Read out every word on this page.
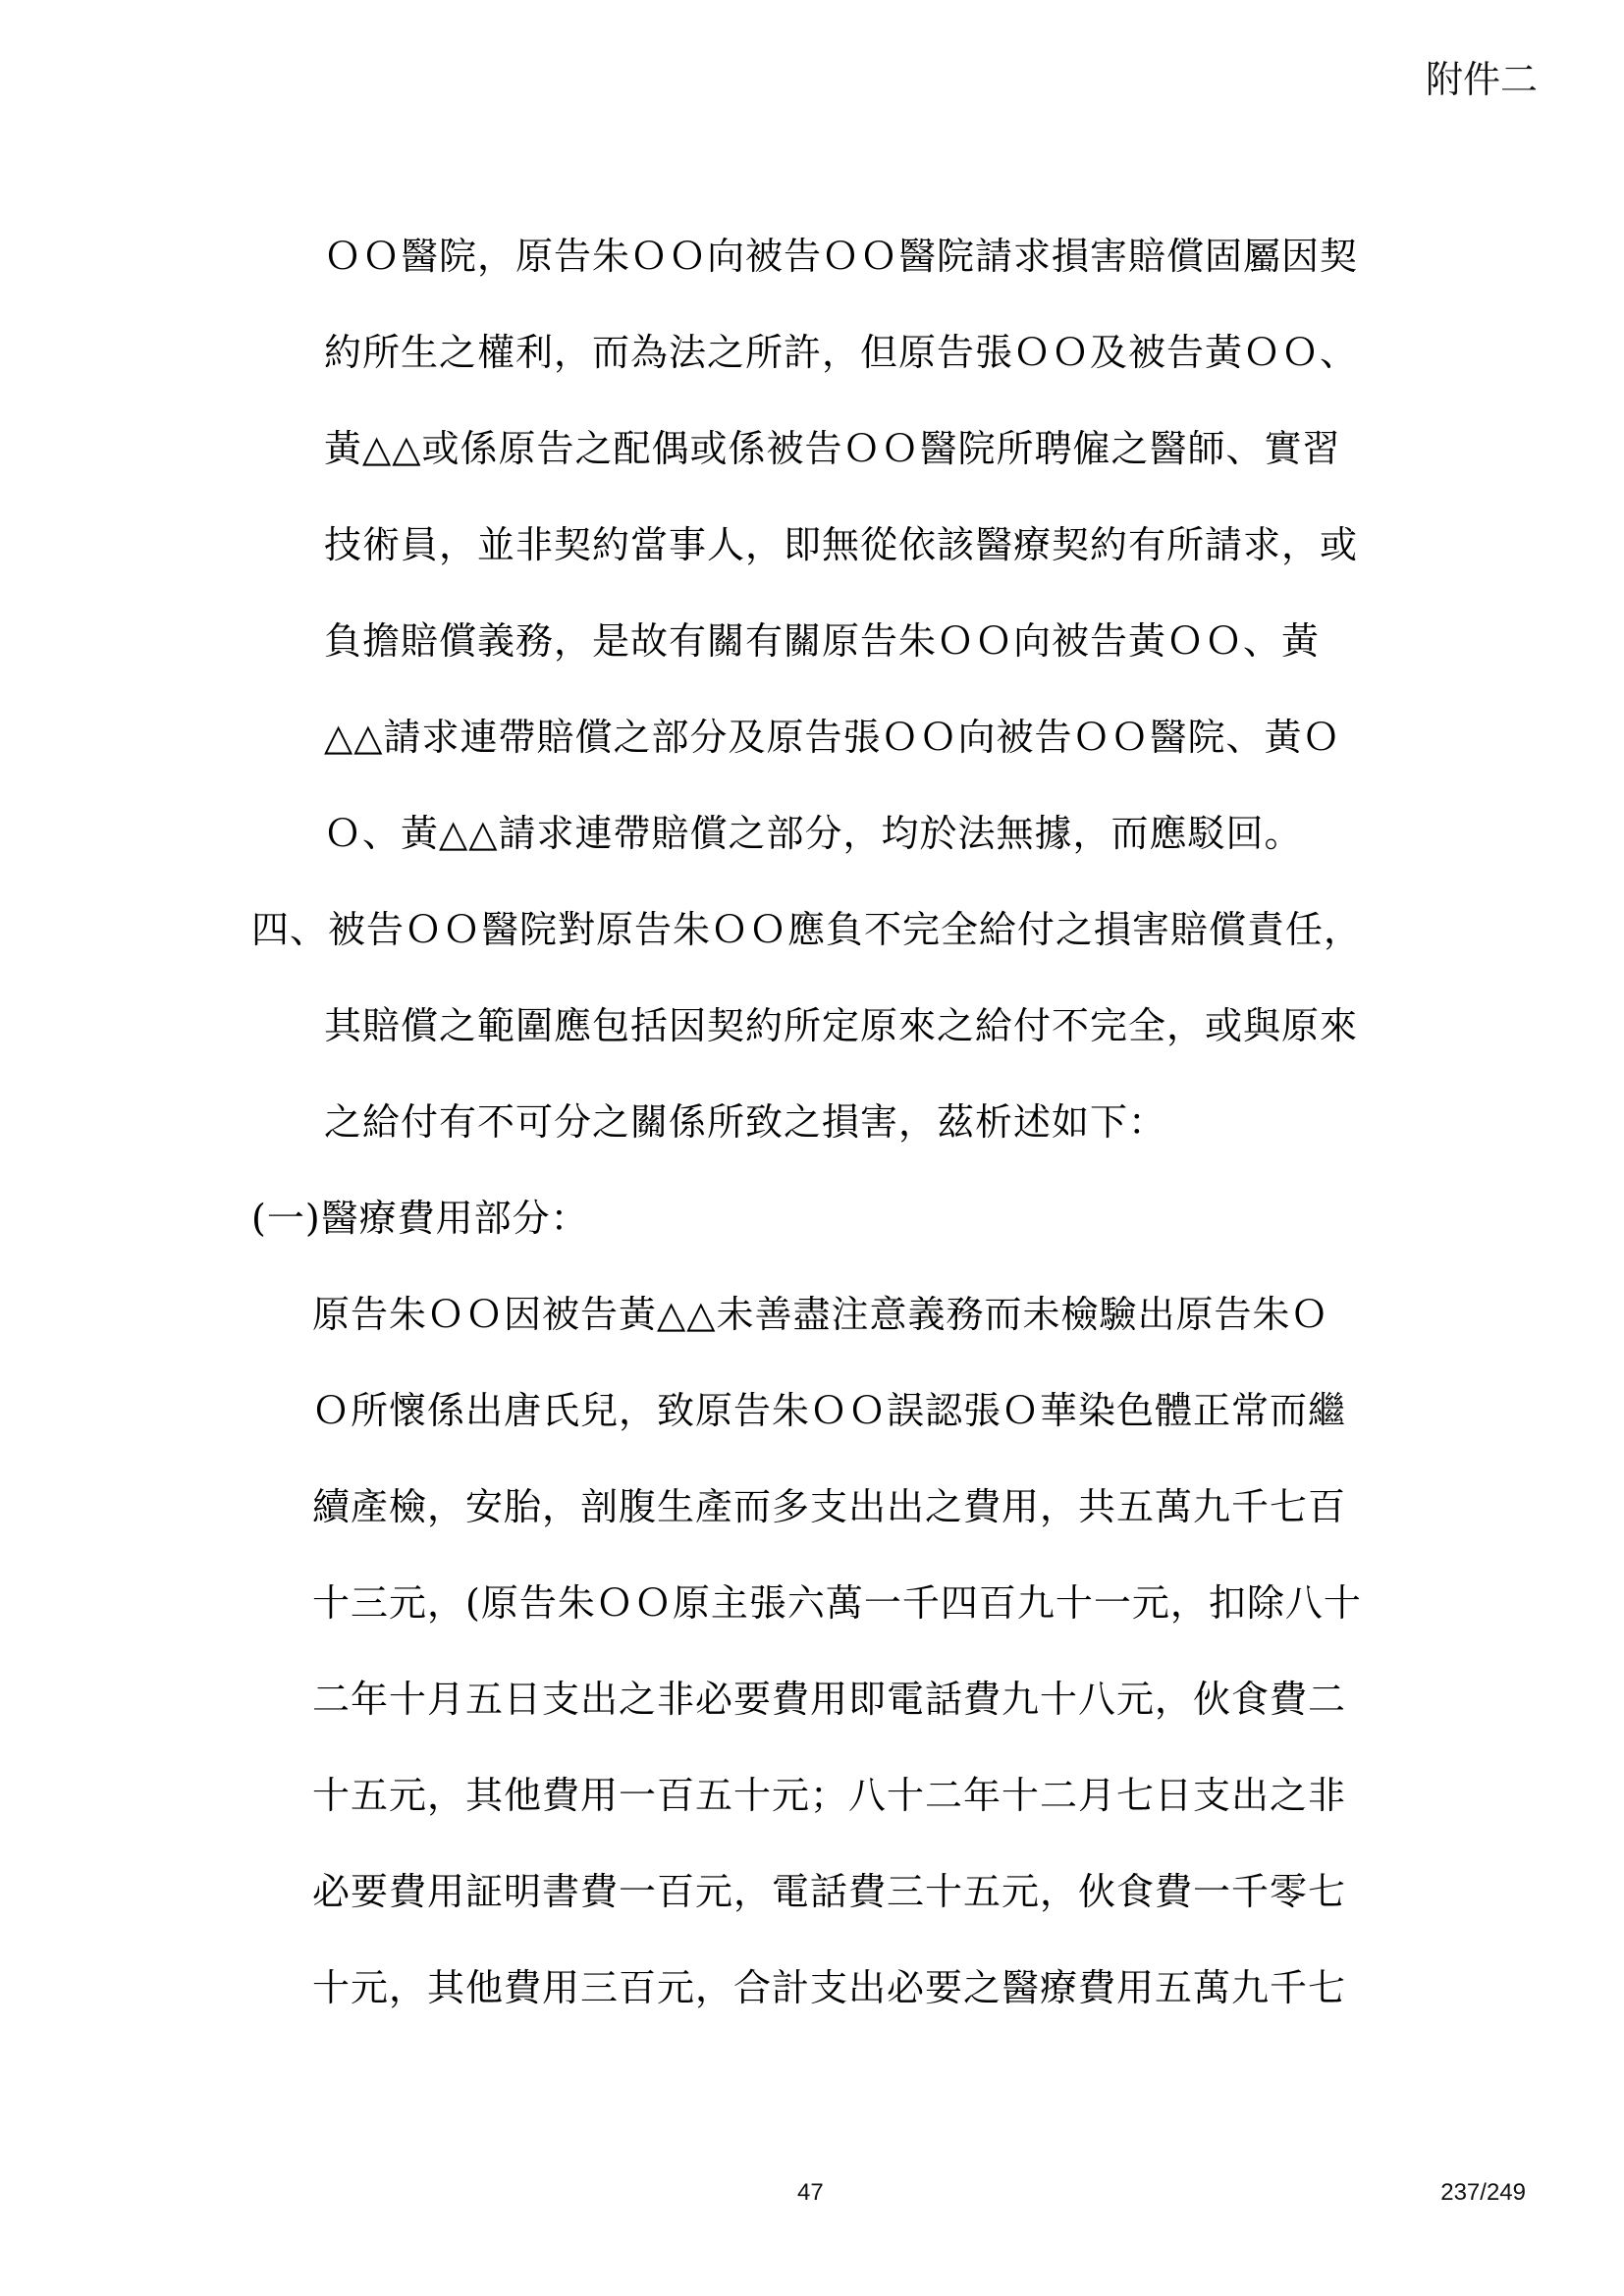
附件二
ＯＯ醫院，原告朱ＯＯ向被告ＯＯ醫院請求損害賠償固屬因契
約所生之權利，而為法之所許，但原告張ＯＯ及被告黃ＯＯ、
黃△△或係原告之配偶或係被告ＯＯ醫院所聘僱之醫師、實習
技術員，並非契約當事人，即無從依該醫療契約有所請求，或
負擔賠償義務，是故有關有關原告朱ＯＯ向被告黃ＯＯ、黃
△△請求連帶賠償之部分及原告張ＯＯ向被告ＯＯ醫院、黃Ｏ
Ｏ、黃△△請求連帶賠償之部分，均於法無據，而應駁回。
四、被告ＯＯ醫院對原告朱ＯＯ應負不完全給付之損害賠償責任，
其賠償之範圍應包括因契約所定原來之給付不完全，或與原來
之給付有不可分之關係所致之損害，茲析述如下：
(一)醫療費用部分：
原告朱ＯＯ因被告黃△△未善盡注意義務而未檢驗出原告朱Ｏ
Ｏ所懷係出唐氏兒，致原告朱ＯＯ誤認張Ｏ華染色體正常而繼
續產檢，安胎，剖腹生產而多支出出之費用，共五萬九千七百
十三元，(原告朱ＯＯ原主張六萬一千四百九十一元，扣除八十
二年十月五日支出之非必要費用即電話費九十八元，伙食費二
十五元，其他費用一百五十元；八十二年十二月七日支出之非
必要費用証明書費一百元，電話費三十五元，伙食費一千零七
十元，其他費用三百元，合計支出必要之醫療費用五萬九千七
47	237/249
